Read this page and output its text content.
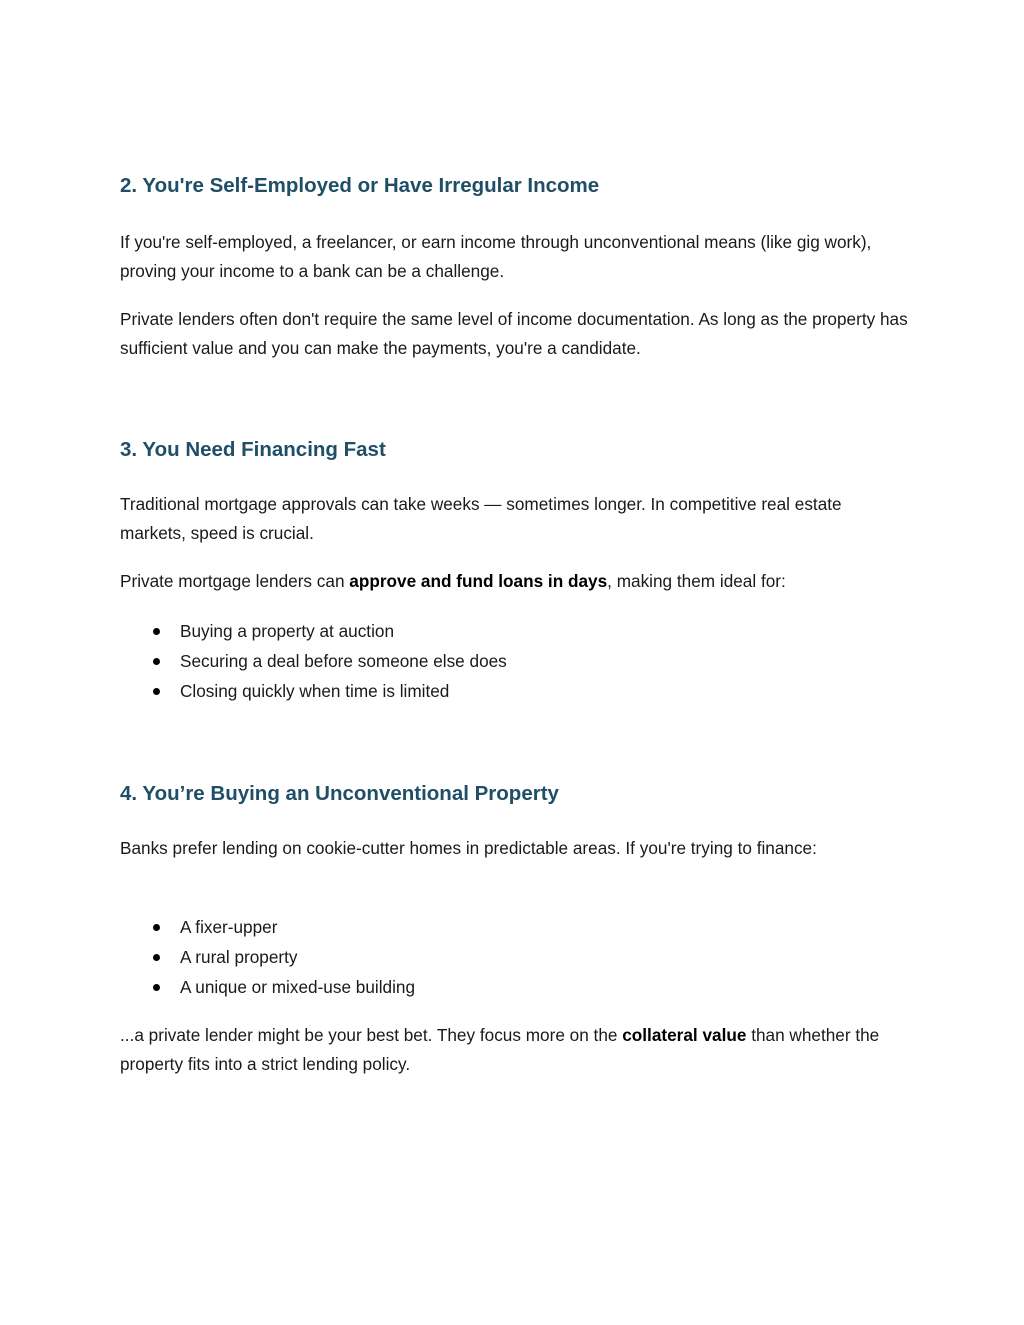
2. You're Self-Employed or Have Irregular Income

If you're self-employed, a freelancer, or earn income through unconventional means (like gig work), proving your income to a bank can be a challenge.

Private lenders often don't require the same level of income documentation. As long as the property has sufficient value and you can make the payments, you're a candidate.

3. You Need Financing Fast

Traditional mortgage approvals can take weeks — sometimes longer. In competitive real estate markets, speed is crucial.

Private mortgage lenders can approve and fund loans in days, making them ideal for:

Buying a property at auction
Securing a deal before someone else does
Closing quickly when time is limited
4. You’re Buying an Unconventional Property

Banks prefer lending on cookie-cutter homes in predictable areas. If you're trying to finance:

A fixer-upper
A rural property
A unique or mixed-use building

...a private lender might be your best bet. They focus more on the collateral value than whether the property fits into a strict lending policy.
